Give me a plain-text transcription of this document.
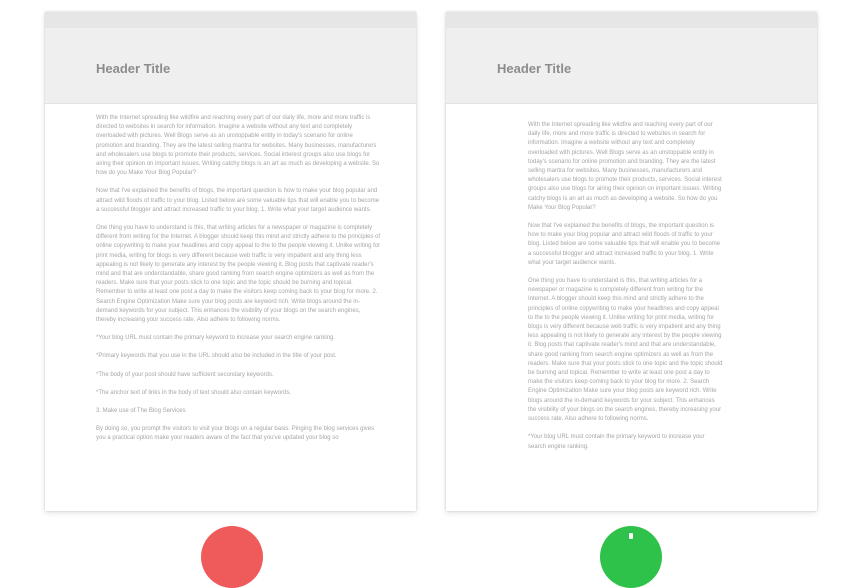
Header Title

With the Internet spreading like wildfire and reaching every part of our daily life, more and more traffic is directed to websites in search for information. Imagine a website without any text and completely overloaded with pictures. Well Blogs serve as an unstoppable entity in today's scenario for online promotion and branding. They are the latest selling mantra for websites. Many businesses, manufacturers and wholesalers use blogs to promote their products, services. Social interest groups also use blogs for airing their opinion on important issues. Writing catchy blogs is an art as much as developing a website. So how do you Make Your Blog Popular?

Now that I've explained the benefits of blogs, the important question is how to make your blog popular and attract wild floods of traffic to your blog. Listed below are some valuable tips that will enable you to become a successful blogger and attract increased traffic to your blog. 1. Write what your target audience wants.

One thing you have to understand is this, that writing articles for a newspaper or magazine is completely different from writing for the Internet. A blogger should keep this mind and strictly adhere to the principles of online copywriting to make your headlines and copy appeal to the to the people viewing it. Unlike writing for print media, writing for blogs is very different because web traffic is very impatient and any thing less appealing is not likely to generate any interest by the people viewing it. Blog posts that captivate reader's mind and that are understandable, share good ranking from search engine optimizers as well as from the readers. Make sure that your posts stick to one topic and the topic should be burning and topical. Remember to write at least one post a day to make the visitors keep coming back to your blog for more. 2. Search Engine Optimization Make sure your blog posts are keyword rich. Write blogs around the in-demand keywords for your subject. This enhances the visibility of your blogs on the search engines, thereby increasing your success rate. Also adhere to following norms.

*Your blog URL must contain the primary keyword to increase your search engine ranking.

*Primary keywords that you use in the URL should also be included in the title of your post.

*The body of your post should have sufficient secondary keywords.

*The anchor text of links in the body of text should also contain keywords.

3. Make use of The Blog Services

By doing so, you prompt the visitors to visit your blogs on a regular basis. Pinging the blog services gives you a practical option make your readers aware of the fact that you've updated your blog so

Header Title

With the Internet spreading like wildfire and reaching every part of our daily life, more and more traffic is directed to websites in search for information. Imagine a website without any text and completely overloaded with pictures. Well Blogs serve as an unstoppable entity in today's scenario for online promotion and branding. They are the latest selling mantra for websites. Many businesses, manufacturers and wholesalers use blogs to promote their products, services. Social interest groups also use blogs for airing their opinion on important issues. Writing catchy blogs is an art as much as developing a website. So how do you Make Your Blog Popular?

Now that I've explained the benefits of blogs, the important question is how to make your blog popular and attract wild floods of traffic to your blog. Listed below are some valuable tips that will enable you to become a successful blogger and attract increased traffic to your blog. 1. Write what your target audience wants.

One thing you have to understand is this, that writing articles for a newspaper or magazine is completely different from writing for the Internet. A blogger should keep this mind and strictly adhere to the principles of online copywriting to make your headlines and copy appeal to the to the people viewing it. Unlike writing for print media, writing for blogs is very different because web traffic is very impatient and any thing less appealing is not likely to generate any interest by the people viewing it. Blog posts that captivate reader's mind and that are understandable, share good ranking from search engine optimizers as well as from the readers. Make sure that your posts stick to one topic and the topic should be burning and topical. Remember to write at least one post a day to make the visitors keep coming back to your blog for more. 2. Search Engine Optimization Make sure your blog posts are keyword rich. Write blogs around the in-demand keywords for your subject. This enhances the visibility of your blogs on the search engines, thereby increasing your success rate. Also adhere to following norms.

*Your blog URL must contain the primary keyword to increase your search engine ranking.
